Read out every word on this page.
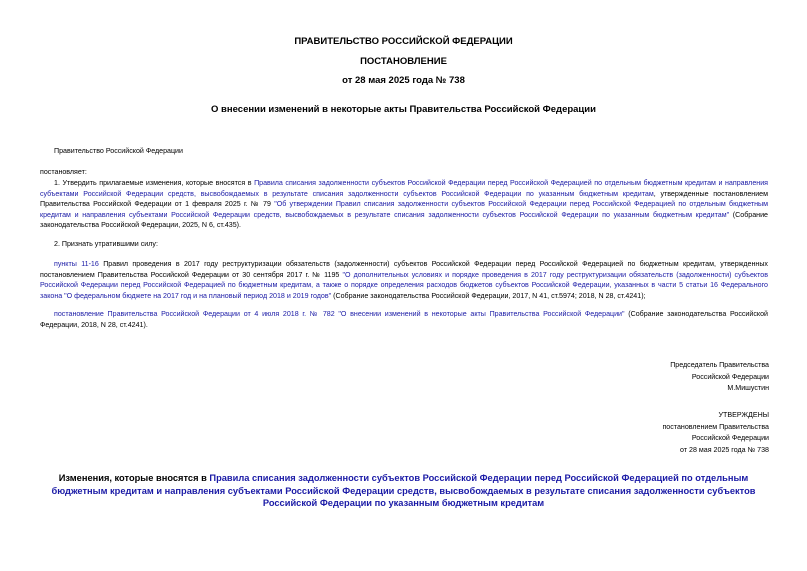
ПРАВИТЕЛЬСТВО РОССИЙСКОЙ ФЕДЕРАЦИИ
ПОСТАНОВЛЕНИЕ
от 28 мая 2025 года № 738
О внесении изменений в некоторые акты Правительства Российской Федерации
Правительство Российской Федерации
постановляет:
1. Утвердить прилагаемые изменения, которые вносятся в Правила списания задолженности субъектов Российской Федерации перед Российской Федерацией по отдельным бюджетным кредитам и направления субъектами Российской Федерации средств, высвобождаемых в результате списания задолженности субъектов Российской Федерации по указанным бюджетным кредитам, утвержденные постановлением Правительства Российской Федерации от 1 февраля 2025 г. № 79 "Об утверждении Правил списания задолженности субъектов Российской Федерации перед Российской Федерацией по отдельным бюджетным кредитам и направления субъектами Российской Федерации средств, высвобождаемых в результате списания задолженности субъектов Российской Федерации по указанным бюджетным кредитам" (Собрание законодательства Российской Федерации, 2025, N 6, ст.435).
2. Признать утратившими силу:
пункты 11-16 Правил проведения в 2017 году реструктуризации обязательств (задолженности) субъектов Российской Федерации перед Российской Федерацией по бюджетным кредитам, утвержденных постановлением Правительства Российской Федерации от 30 сентября 2017 г. № 1195 "О дополнительных условиях и порядке проведения в 2017 году реструктуризации обязательств (задолженности) субъектов Российской Федерации перед Российской Федерацией по бюджетным кредитам, а также о порядке определения расходов бюджетов субъектов Российской Федерации, указанных в части 5 статьи 16 Федерального закона "О федеральном бюджете на 2017 год и на плановый период 2018 и 2019 годов" (Собрание законодательства Российской Федерации, 2017, N 41, ст.5974; 2018, N 28, ст.4241);
постановление Правительства Российской Федерации от 4 июля 2018 г. № 782 "О внесении изменений в некоторые акты Правительства Российской Федерации" (Собрание законодательства Российской Федерации, 2018, N 28, ст.4241).
Председатель Правительства
Российской Федерации
М.Мишустин
УТВЕРЖДЕНЫ
постановлением Правительства
Российской Федерации
от 28 мая 2025 года № 738
Изменения, которые вносятся в Правила списания задолженности субъектов Российской Федерации перед Российской Федерацией по отдельным бюджетным кредитам и направления субъектами Российской Федерации средств, высвобождаемых в результате списания задолженности субъектов Российской Федерации по указанным бюджетным кредитам
